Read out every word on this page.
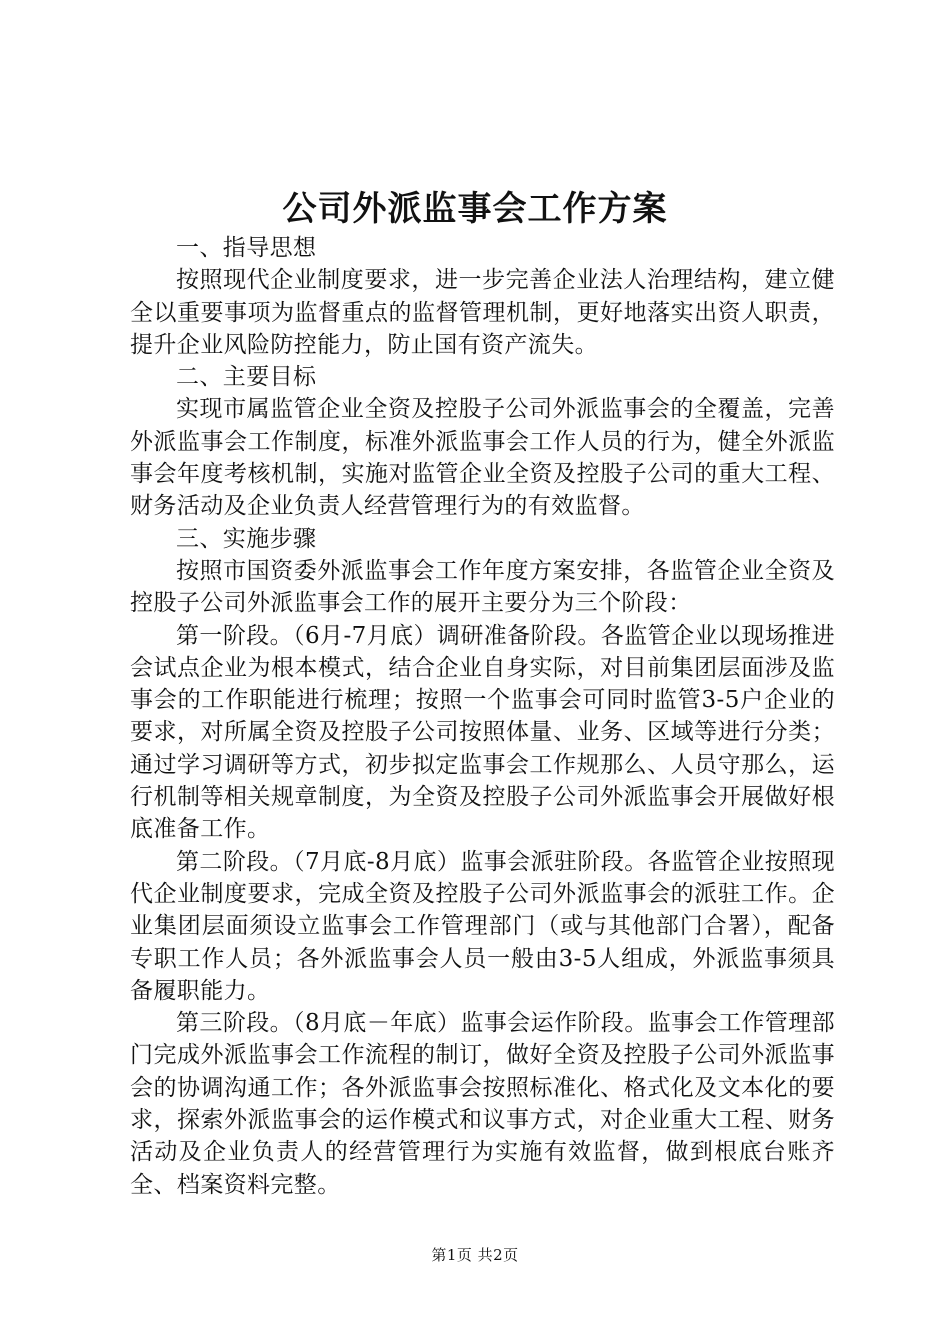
公司外派监事会工作方案

一、指导思想

按照现代企业制度要求，进一步完善企业法人治理结构，建立健全以重要事项为监督重点的监督管理机制，更好地落实出资人职责，提升企业风险防控能力，防止国有资产流失。

二、主要目标

实现市属监管企业全资及控股子公司外派监事会的全覆盖，完善外派监事会工作制度，标准外派监事会工作人员的行为，健全外派监事会年度考核机制，实施对监管企业全资及控股子公司的重大工程、财务活动及企业负责人经营管理行为的有效监督。

三、实施步骤

按照市国资委外派监事会工作年度方案安排，各监管企业全资及控股子公司外派监事会工作的展开主要分为三个阶段：

第一阶段。（6月-7月底）调研准备阶段。各监管企业以现场推进会试点企业为根本模式，结合企业自身实际，对目前集团层面涉及监事会的工作职能进行梳理；按照一个监事会可同时监管3-5户企业的要求，对所属全资及控股子公司按照体量、业务、区域等进行分类；通过学习调研等方式，初步拟定监事会工作规那么、人员守那么，运行机制等相关规章制度，为全资及控股子公司外派监事会开展做好根底准备工作。

第二阶段。（7月底-8月底）监事会派驻阶段。各监管企业按照现代企业制度要求，完成全资及控股子公司外派监事会的派驻工作。企业集团层面须设立监事会工作管理部门（或与其他部门合署），配备专职工作人员；各外派监事会人员一般由3-5人组成，外派监事须具备履职能力。

第三阶段。（8月底－年底）监事会运作阶段。监事会工作管理部门完成外派监事会工作流程的制订，做好全资及控股子公司外派监事会的协调沟通工作；各外派监事会按照标准化、格式化及文本化的要求，探索外派监事会的运作模式和议事方式，对企业重大工程、财务活动及企业负责人的经营管理行为实施有效监督，做到根底台账齐全、档案资料完整。

第1页 共2页
